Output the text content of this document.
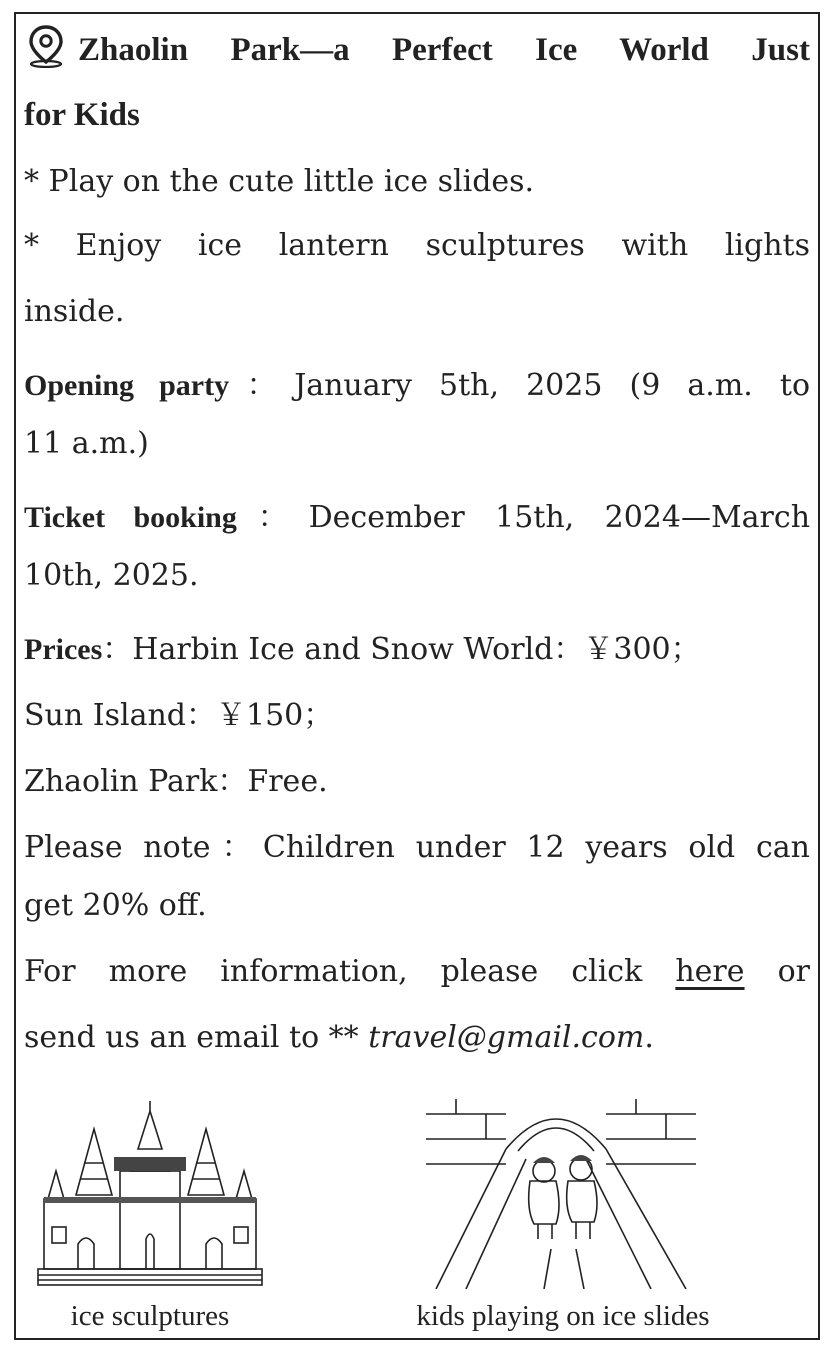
Zhaolin Park—a Perfect Ice World Just
for Kids
* Play on the cute little ice slides.
* Enjoy ice lantern sculptures with lights
inside.
Opening party：January 5th, 2025 (9 a.m. to
11 a.m.)
Ticket booking：December 15th, 2024—March
10th, 2025.
Prices：Harbin Ice and Snow World：￥300；
Sun Island：￥150；
Zhaolin Park：Free.
Please note：Children under 12 years old can
get 20% off.
For more information, please click here or
send us an email to ** travel@gmail.com.
ice sculptures	kids playing on ice slides
